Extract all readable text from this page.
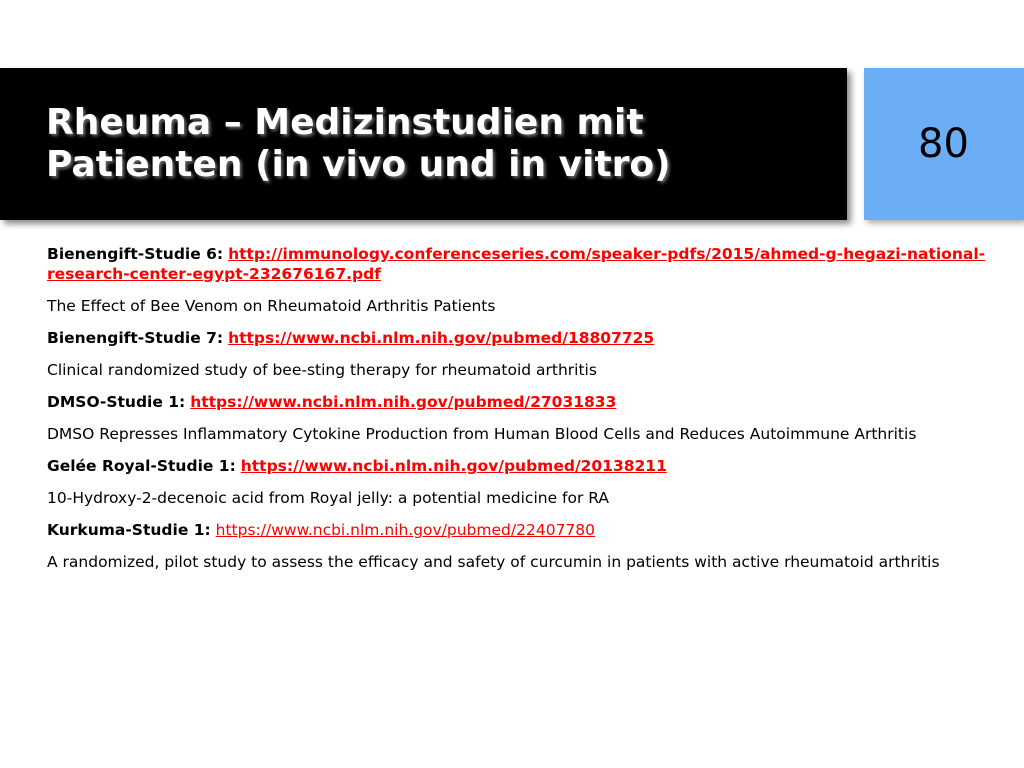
Rheuma – Medizinstudien mit Patienten (in vivo und in vitro)	80

Bienengift-Studie 6: http://immunology.conferenceseries.com/speaker-pdfs/2015/ahmed-g-hegazi-national-research-center-egypt-232676167.pdf

The Effect of Bee Venom on Rheumatoid Arthritis Patients

Bienengift-Studie 7: https://www.ncbi.nlm.nih.gov/pubmed/18807725

Clinical randomized study of bee-sting therapy for rheumatoid arthritis

DMSO-Studie 1: https://www.ncbi.nlm.nih.gov/pubmed/27031833

DMSO Represses Inflammatory Cytokine Production from Human Blood Cells and Reduces Autoimmune Arthritis

Gelée Royal-Studie 1: https://www.ncbi.nlm.nih.gov/pubmed/20138211

10-Hydroxy-2-decenoic acid from Royal jelly: a potential medicine for RA

Kurkuma-Studie 1: https://www.ncbi.nlm.nih.gov/pubmed/22407780

A randomized, pilot study to assess the efficacy and safety of curcumin in patients with active rheumatoid arthritis
